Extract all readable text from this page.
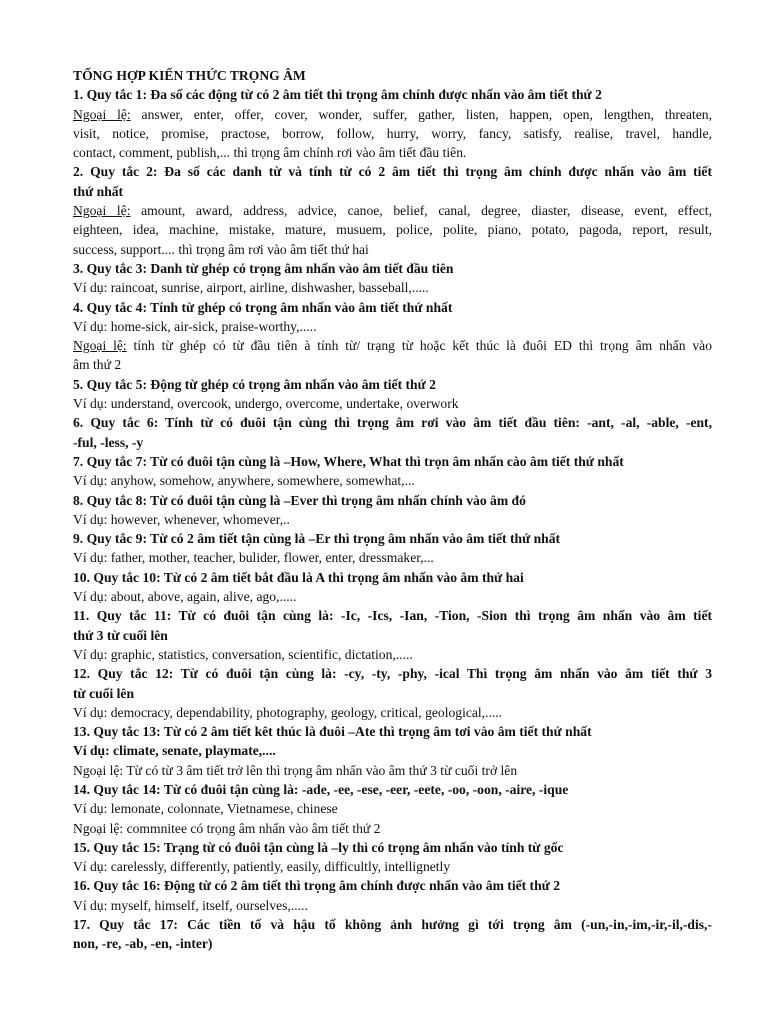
TỔNG HỢP KIẾN THỨC TRỌNG ÂM
1. Quy tắc 1: Đa số các động từ có 2 âm tiết thì trọng âm chính được nhấn vào âm tiết thứ 2
Ngoại lệ: answer, enter, offer, cover, wonder, suffer, gather, listen, happen, open, lengthen, threaten,
visit, notice, promise, practose, borrow, follow, hurry, worry, fancy, satisfy, realise, travel, handle,
contact, comment, publish,... thì trọng âm chính rơi vào âm tiết đầu tiên.
2. Quy tắc 2: Đa số các danh từ và tính từ có 2 âm tiết thì trọng âm chính được nhấn vào âm tiết
thứ nhất
Ngoại lệ: amount, award, address, advice, canoe, belief, canal, degree, diaster, disease, event, effect,
eighteen, idea, machine, mistake, mature, musuem, police, polite, piano, potato, pagoda, report, result,
success, support.... thì trọng âm rơi vào âm tiết thứ hai
3. Quy tắc 3: Danh từ ghép có trọng âm nhấn vào âm tiết đầu tiên
Ví dụ: raincoat, sunrise, airport, airline, dishwasher, basseball,.....
4. Quy tắc 4: Tính từ ghép có trọng âm nhấn vào âm tiết thứ nhất
Ví dụ: home-sick, air-sick, praise-worthy,.....
Ngoại lệ: tính từ ghép có từ đầu tiên à tính từ/ trạng từ hoặc kết thúc là đuôi ED thì trọng âm nhấn vào
âm thứ 2
5. Quy tắc 5: Động từ ghép có trọng âm nhấn vào âm tiết thứ 2
Ví dụ: understand, overcook, undergo, overcome, undertake, overwork
6. Quy tắc 6: Tính từ có đuôi tận cùng thì trọng âm rơi vào âm tiết đầu tiên: -ant, -al, -able, -ent,
-ful, -less, -y
7. Quy tắc 7: Từ có đuôi tận cùng là –How, Where, What thì trọn âm nhấn cào âm tiết thứ nhất
Ví dụ: anyhow, somehow, anywhere, somewhere, somewhat,...
8. Quy tắc 8: Từ có đuôi tận cùng là –Ever thì trọng âm nhấn chính vào âm đó
Ví dụ: however, whenever, whomever,..
9. Quy tắc 9: Từ có 2 âm tiết tận cùng là –Er thì trọng âm nhấn vào âm tiết thứ nhất
Ví dụ: father, mother, teacher, bulider, flower, enter, dressmaker,...
10. Quy tắc 10: Từ có 2 âm tiết bắt đầu là A thì trọng âm nhấn vào âm thứ hai
Ví dụ: about, above, again, alive, ago,.....
11. Quy tắc 11: Từ có đuôi tận cùng là: -Ic, -Ics, -Ian, -Tion, -Sion thì trọng âm nhấn vào âm tiết
thứ 3 từ cuối lên
Ví dụ: graphic, statistics, conversation, scientific, dictation,.....
12. Quy tắc 12: Từ có đuôi tận cùng là: -cy, -ty, -phy, -ical Thì trọng âm nhấn vào âm tiết thứ 3
từ cuối lên
Ví dụ: democracy, dependability, photography, geology, critical, geological,.....
13. Quy tắc 13: Từ có 2 âm tiết kêt thúc là đuôi –Ate thì trọng âm tơi vào âm tiết thứ nhất
Ví dụ: climate, senate, playmate,....
Ngoại lệ: Từ có từ 3 âm tiết trở lên thì trọng âm nhấn vào âm thứ 3 từ cuối trở lên
14. Quy tắc 14: Từ có đuôi tận cùng là: -ade, -ee, -ese, -eer, -eete, -oo, -oon, -aire, -ique
Ví dụ: lemonate, colonnate, Vietnamese, chinese
Ngoại lệ: commnitee có trọng âm nhấn vào âm tiết thứ 2
15. Quy tắc 15: Trạng từ có đuôi tận cùng là –ly thì có trọng âm nhấn vào tính từ gốc
Ví dụ: carelessly, differently, patiently, easily, difficultly, intellignetly
16. Quy tắc 16: Động từ có 2 âm tiết thì trọng âm chính được nhấn vào âm tiết thứ 2
Ví dụ: myself, himself, itself, ourselves,.....
17. Quy tắc 17: Các tiền tố và hậu tố không ảnh hưởng gì tới trọng âm (-un,-in,-im,-ir,-il,-dis,-
non, -re, -ab, -en, -inter)
